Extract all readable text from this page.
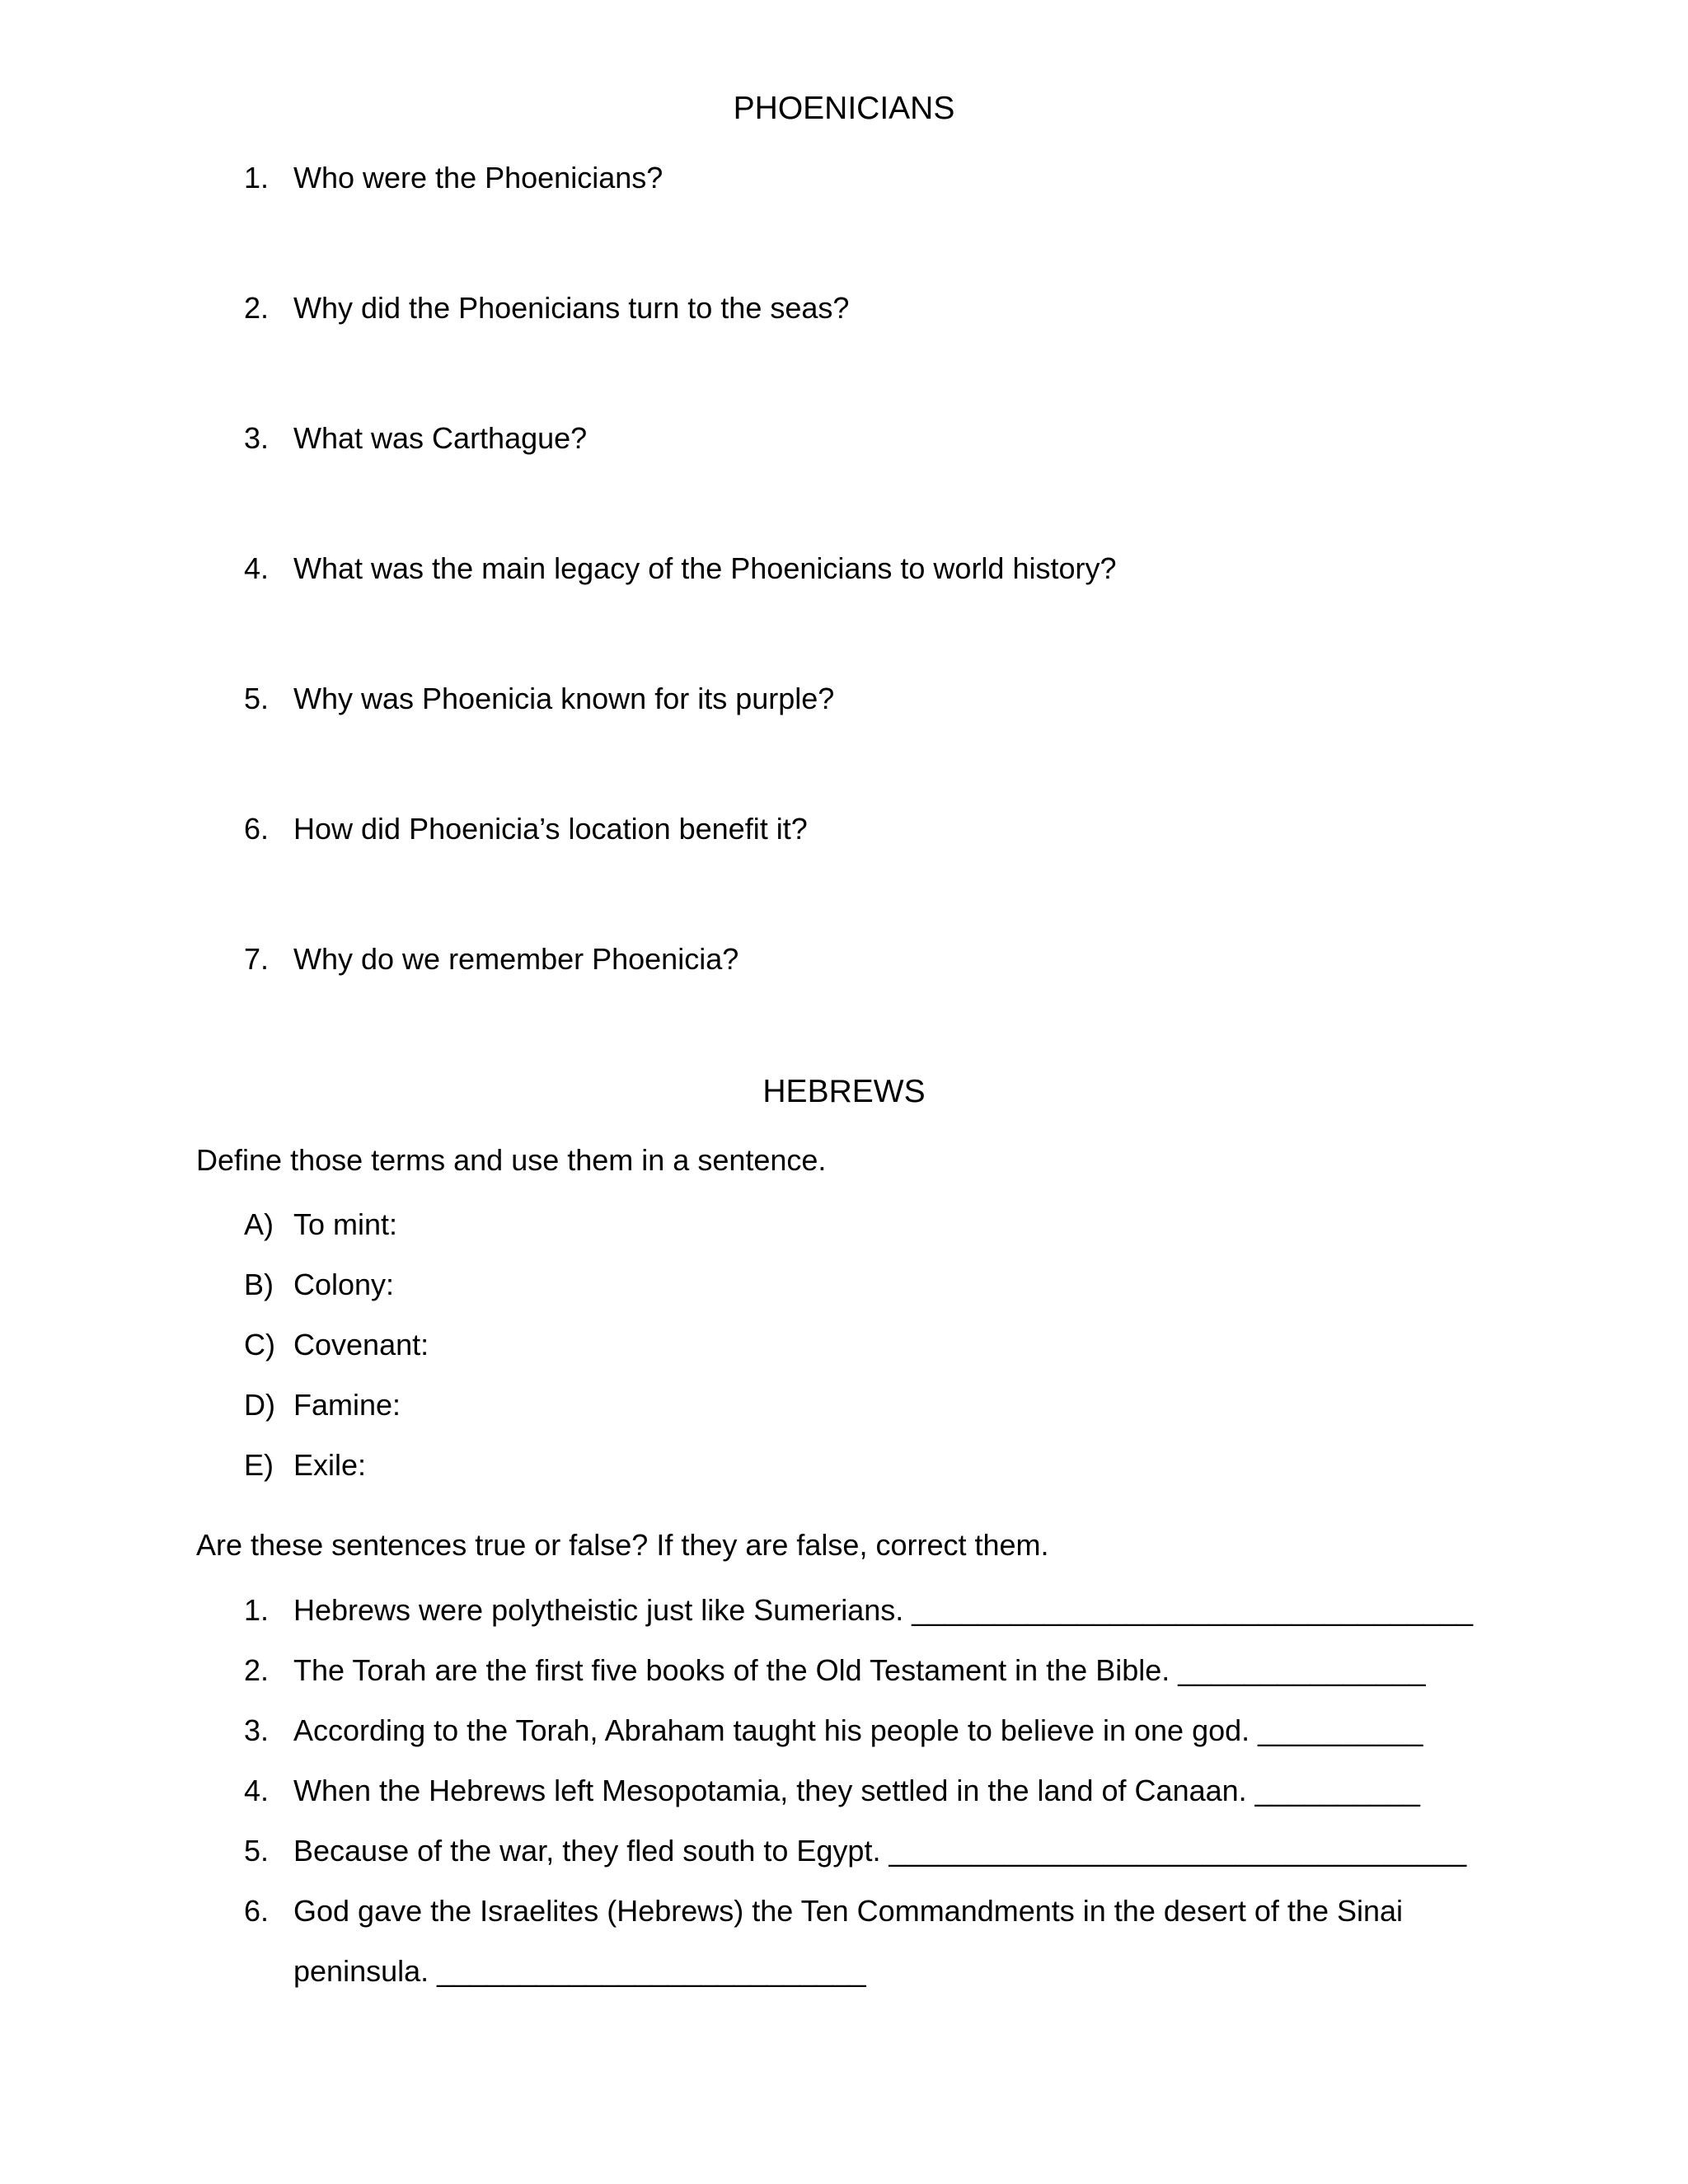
PHOENICIANS
1. Who were the Phoenicians?
2. Why did the Phoenicians turn to the seas?
3. What was Carthague?
4. What was the main legacy of the Phoenicians to world history?
5. Why was Phoenicia known for its purple?
6. How did Phoenicia’s location benefit it?
7. Why do we remember Phoenicia?
HEBREWS

Define those terms and use them in a sentence.

A) To mint:
B) Colony:
C) Covenant:
D) Famine:
E) Exile:

Are these sentences true or false? If they are false, correct them.

1. Hebrews were polytheistic just like Sumerians. __________________________________
2. The Torah are the first five books of the Old Testament in the Bible. _______________
3. According to the Torah, Abraham taught his people to believe in one god. __________
4. When the Hebrews left Mesopotamia, they settled in the land of Canaan. __________
5. Because of the war, they fled south to Egypt. ___________________________________
6. God gave the Israelites (Hebrews) the Ten Commandments in the desert of the Sinai
peninsula. __________________________
